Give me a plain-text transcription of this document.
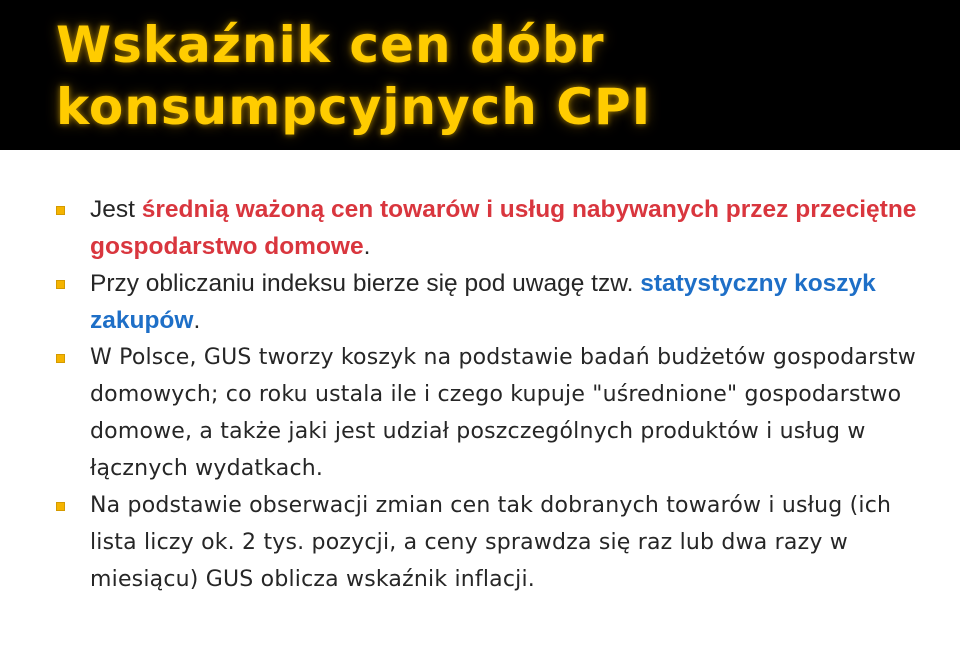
Wskaźnik cen dóbr konsumpcyjnych CPI
Jest średnią ważoną cen towarów i usług nabywanych przez przeciętne gospodarstwo domowe.
Przy obliczaniu indeksu bierze się pod uwagę tzw. statystyczny koszyk zakupów.
W Polsce, GUS tworzy koszyk na podstawie badań budżetów gospodarstw domowych; co roku ustala ile i czego kupuje "uśrednione" gospodarstwo domowe, a także jaki jest udział poszczególnych produktów i usług w łącznych wydatkach.
Na podstawie obserwacji zmian cen tak dobranych towarów i usług (ich lista liczy ok. 2 tys. pozycji, a ceny sprawdza się raz lub dwa razy w miesiącu) GUS oblicza wskaźnik inflacji.
